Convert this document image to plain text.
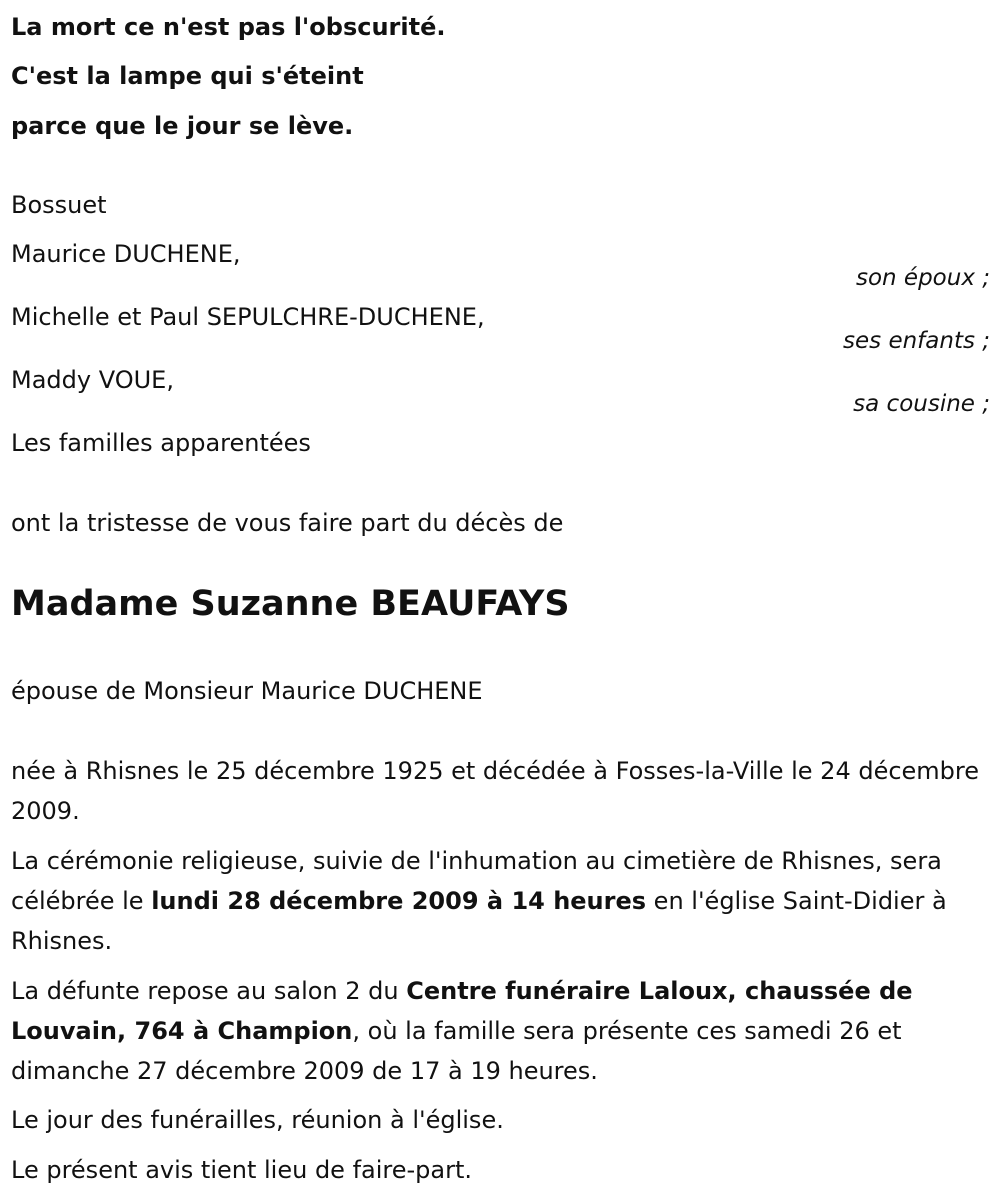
La mort ce n'est pas l'obscurité.
C'est la lampe qui s'éteint
parce que le jour se lève.
Bossuet
Maurice DUCHENE,
son époux ;
Michelle et Paul SEPULCHRE-DUCHENE,
ses enfants ;
Maddy VOUE,
sa cousine ;
Les familles apparentées
ont la tristesse de vous faire part du décès de
Madame Suzanne BEAUFAYS
épouse de Monsieur Maurice DUCHENE
née à Rhisnes le 25 décembre 1925 et décédée à Fosses-la-Ville le 24 décembre 2009.
La cérémonie religieuse, suivie de l'inhumation au cimetière de Rhisnes, sera célébrée le lundi 28 décembre 2009 à 14 heures en l'église Saint-Didier à Rhisnes.
La défunte repose au salon 2 du Centre funéraire Laloux, chaussée de Louvain, 764 à Champion, où la famille sera présente ces samedi 26 et dimanche 27 décembre 2009 de 17 à 19 heures.
Le jour des funérailles, réunion à l'église.
Le présent avis tient lieu de faire-part.
